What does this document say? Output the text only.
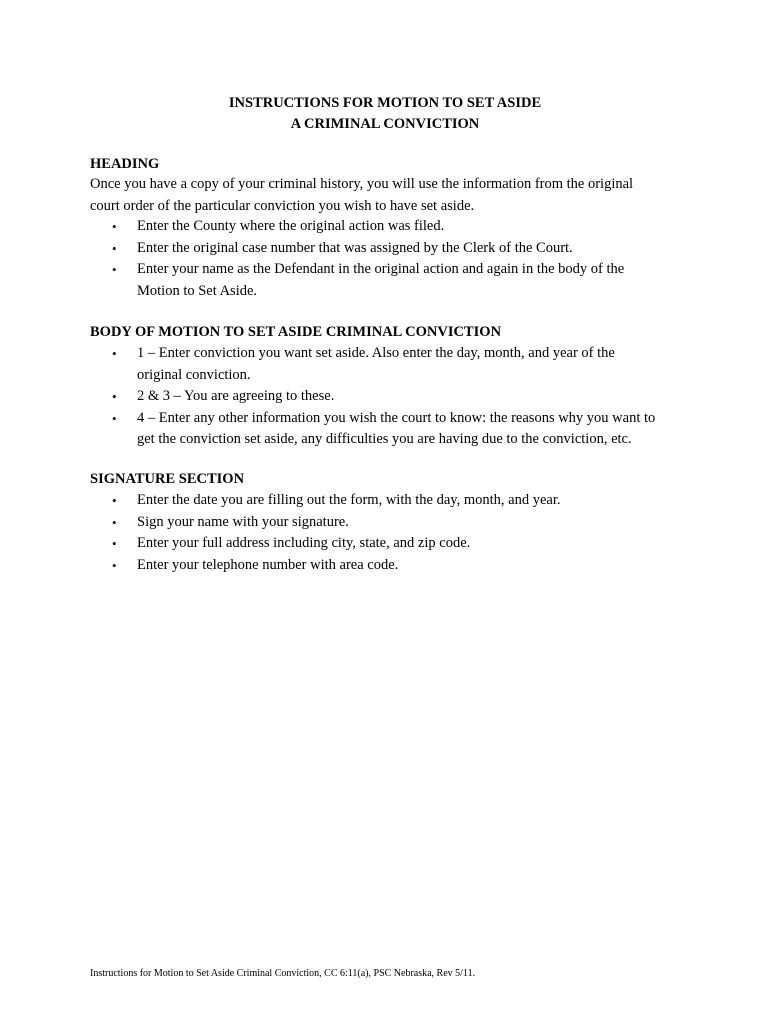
INSTRUCTIONS FOR MOTION TO SET ASIDE
A CRIMINAL CONVICTION
HEADING
Once you have a copy of your criminal history, you will use the information from the original
court order of the particular conviction you wish to have set aside.
• Enter the County where the original action was filed.
• Enter the original case number that was assigned by the Clerk of the Court.
• Enter your name as the Defendant in the original action and again in the body of the
Motion to Set Aside.
BODY OF MOTION TO SET ASIDE CRIMINAL CONVICTION
• 1 – Enter conviction you want set aside. Also enter the day, month, and year of the
original conviction.
• 2 & 3 – You are agreeing to these.
• 4 – Enter any other information you wish the court to know: the reasons why you want to
get the conviction set aside, any difficulties you are having due to the conviction, etc.
SIGNATURE SECTION
• Enter the date you are filling out the form, with the day, month, and year.
• Sign your name with your signature.
• Enter your full address including city, state, and zip code.
• Enter your telephone number with area code.
Instructions for Motion to Set Aside Criminal Conviction, CC 6:11(a), PSC Nebraska, Rev 5/11.
